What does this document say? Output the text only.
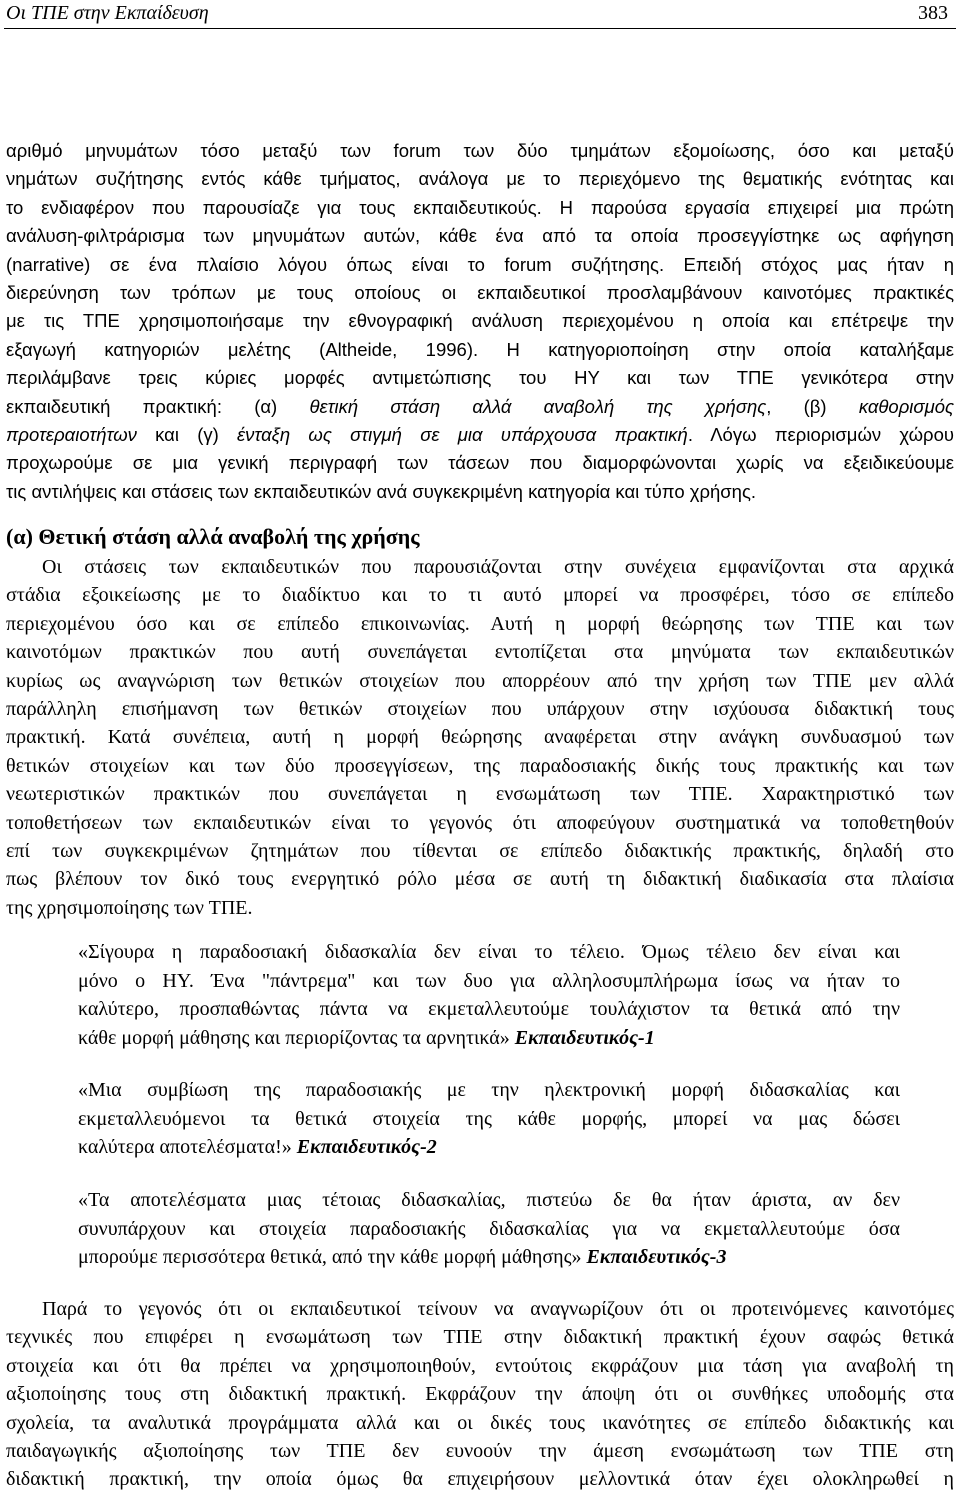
Οι ΤΠΕ στην Εκπαίδευση	383
αριθμό μηνυμάτων τόσο μεταξύ των forum των δύο τμημάτων εξομοίωσης, όσο και μεταξύ
νημάτων συζήτησης εντός κάθε τμήματος, ανάλογα με το περιεχόμενο της θεματικής ενότητας και
το ενδιαφέρον που παρουσίαζε για τους εκπαιδευτικούς. Η παρούσα εργασία επιχειρεί μια πρώτη
ανάλυση-φιλτράρισμα των μηνυμάτων αυτών, κάθε ένα από τα οποία προσεγγίστηκε ως αφήγηση
(narrative) σε ένα πλαίσιο λόγου όπως είναι το forum συζήτησης. Επειδή στόχος μας ήταν η
διερεύνηση των τρόπων με τους οποίους οι εκπαιδευτικοί προσλαμβάνουν καινοτόμες πρακτικές
με τις ΤΠΕ χρησιμοποιήσαμε την εθνογραφική ανάλυση περιεχομένου η οποία και επέτρεψε την
εξαγωγή κατηγοριών μελέτης (Altheide, 1996). Η κατηγοριοποίηση στην οποία καταλήξαμε
περιλάμβανε τρεις κύριες μορφές αντιμετώπισης του ΗΥ και των ΤΠΕ γενικότερα στην
εκπαιδευτική πρακτική: (α) θετική στάση αλλά αναβολή της χρήσης, (β) καθορισμός
προτεραιοτήτων και (γ) ένταξη ως στιγμή σε μια υπάρχουσα πρακτική. Λόγω περιορισμών χώρου
προχωρούμε σε μια γενική περιγραφή των τάσεων που διαμορφώνονται χωρίς να εξειδικεύουμε
τις αντιλήψεις και στάσεις των εκπαιδευτικών ανά συγκεκριμένη κατηγορία και τύπο χρήσης.
(α) Θετική στάση αλλά αναβολή της χρήσης
Οι στάσεις των εκπαιδευτικών που παρουσιάζονται στην συνέχεια εμφανίζονται στα αρχικά
στάδια εξοικείωσης με το διαδίκτυο και το τι αυτό μπορεί να προσφέρει, τόσο σε επίπεδο
περιεχομένου όσο και σε επίπεδο επικοινωνίας. Αυτή η μορφή θεώρησης των ΤΠΕ και των
καινοτόμων πρακτικών που αυτή συνεπάγεται εντοπίζεται στα μηνύματα των εκπαιδευτικών
κυρίως ως αναγνώριση των θετικών στοιχείων που απορρέουν από την χρήση των ΤΠΕ μεν αλλά
παράλληλη επισήμανση των θετικών στοιχείων που υπάρχουν στην ισχύουσα διδακτική τους
πρακτική. Κατά συνέπεια, αυτή η μορφή θεώρησης αναφέρεται στην ανάγκη συνδυασμού των
θετικών στοιχείων και των δύο προσεγγίσεων, της παραδοσιακής δικής τους πρακτικής και των
νεωτεριστικών πρακτικών που συνεπάγεται η ενσωμάτωση των ΤΠΕ. Χαρακτηριστικό των
τοποθετήσεων των εκπαιδευτικών είναι το γεγονός ότι αποφεύγουν συστηματικά να τοποθετηθούν
επί των συγκεκριμένων ζητημάτων που τίθενται σε επίπεδο διδακτικής πρακτικής, δηλαδή στο
πως βλέπουν τον δικό τους ενεργητικό ρόλο μέσα σε αυτή τη διδακτική διαδικασία στα πλαίσια
της χρησιμοποίησης των ΤΠΕ.
«Σίγουρα η παραδοσιακή διδασκαλία δεν είναι το τέλειο. Όμως τέλειο δεν είναι και
μόνο ο ΗΥ. Ένα "πάντρεμα" και των δυο για αλληλοσυμπλήρωμα ίσως να ήταν το
καλύτερο, προσπαθώντας πάντα να εκμεταλλευτούμε τουλάχιστον τα θετικά από την
κάθε μορφή μάθησης και περιορίζοντας τα αρνητικά» Εκπαιδευτικός-1
«Μια συμβίωση της παραδοσιακής με την ηλεκτρονική μορφή διδασκαλίας και
εκμεταλλευόμενοι τα θετικά στοιχεία της κάθε μορφής, μπορεί να μας δώσει
καλύτερα αποτελέσματα!» Εκπαιδευτικός-2
«Τα αποτελέσματα μιας τέτοιας διδασκαλίας, πιστεύω δε θα ήταν άριστα, αν δεν
συνυπάρχουν και στοιχεία παραδοσιακής διδασκαλίας για να εκμεταλλευτούμε όσα
μπορούμε περισσότερα θετικά, από την κάθε μορφή μάθησης» Εκπαιδευτικός-3
Παρά το γεγονός ότι οι εκπαιδευτικοί τείνουν να αναγνωρίζουν ότι οι προτεινόμενες καινοτόμες
τεχνικές που επιφέρει η ενσωμάτωση των ΤΠΕ στην διδακτική πρακτική έχουν σαφώς θετικά
στοιχεία και ότι θα πρέπει να χρησιμοποιηθούν, εντούτοις εκφράζουν μια τάση για αναβολή τη
αξιοποίησης τους στη διδακτική πρακτική. Εκφράζουν την άποψη ότι οι συνθήκες υποδομής στα
σχολεία, τα αναλυτικά προγράμματα αλλά και οι δικές τους ικανότητες σε επίπεδο διδακτικής και
παιδαγωγικής αξιοποίησης των ΤΠΕ δεν ευνοούν την άμεση ενσωμάτωση των ΤΠΕ στη
διδακτική πρακτική, την οποία όμως θα επιχειρήσουν μελλοντικά όταν έχει ολοκληρωθεί η
